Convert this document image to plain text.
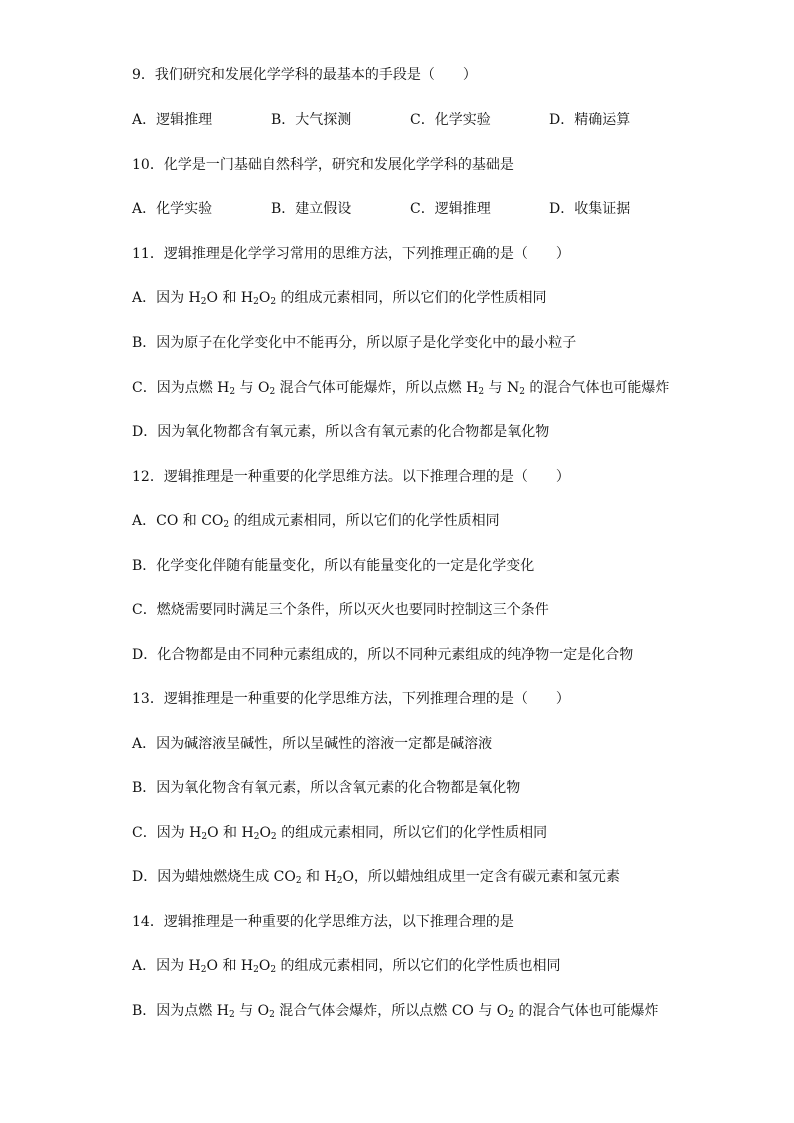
9．我们研究和发展化学学科的最基本的手段是（　　）
A．逻辑推理	B．大气探测	C．化学实验	D．精确运算
10．化学是一门基础自然科学，研究和发展化学学科的基础是
A．化学实验	B．建立假设	C．逻辑推理	D．收集证据
11．逻辑推理是化学学习常用的思维方法，下列推理正确的是（　　）
A．因为 $H_2O$ 和 $H_2O_2$ 的组成元素相同，所以它们的化学性质相同
B．因为原子在化学变化中不能再分，所以原子是化学变化中的最小粒子
C．因为点燃 $H_2$ 与 $O_2$ 混合气体可能爆炸，所以点燃 $H_2$ 与 $N_2$ 的混合气体也可能爆炸
D．因为氧化物都含有氧元素，所以含有氧元素的化合物都是氧化物
12．逻辑推理是一种重要的化学思维方法。以下推理合理的是（　　）
A．CO 和 $CO_2$ 的组成元素相同，所以它们的化学性质相同
B．化学变化伴随有能量变化，所以有能量变化的一定是化学变化
C．燃烧需要同时满足三个条件，所以灭火也要同时控制这三个条件
D．化合物都是由不同种元素组成的，所以不同种元素组成的纯净物一定是化合物
13．逻辑推理是一种重要的化学思维方法，下列推理合理的是（　　）
A．因为碱溶液呈碱性，所以呈碱性的溶液一定都是碱溶液
B．因为氧化物含有氧元素，所以含氧元素的化合物都是氧化物
C．因为 $H_2O$ 和 $H_2O_2$ 的组成元素相同，所以它们的化学性质相同
D．因为蜡烛燃烧生成 $CO_2$ 和 $H_2O$，所以蜡烛组成里一定含有碳元素和氢元素
14．逻辑推理是一种重要的化学思维方法，以下推理合理的是
A．因为 $H_2O$ 和 $H_2O_2$ 的组成元素相同，所以它们的化学性质也相同
B．因为点燃 $H_2$ 与 $O_2$ 混合气体会爆炸，所以点燃 CO 与 $O_2$ 的混合气体也可能爆炸
